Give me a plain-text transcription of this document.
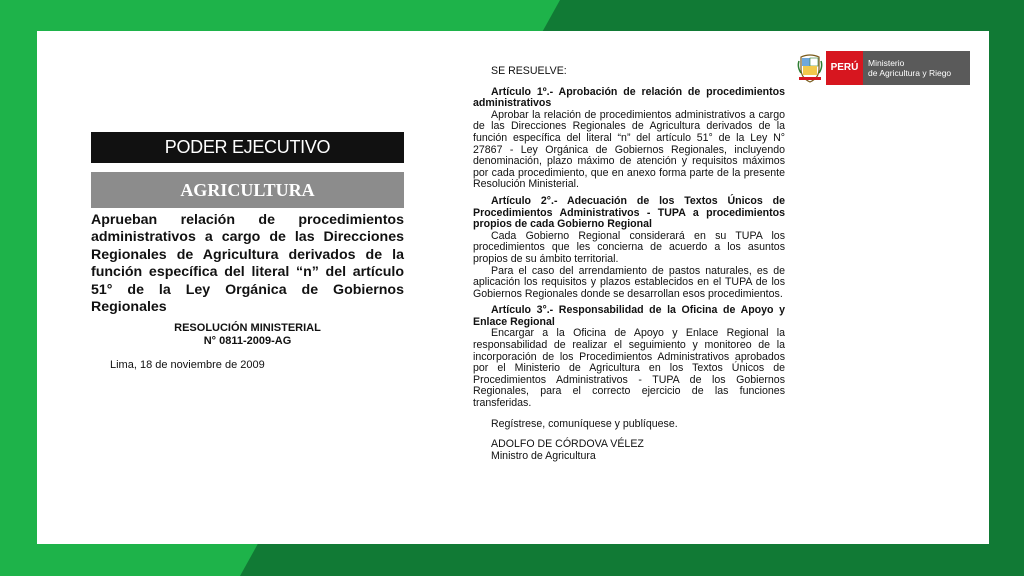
PODER EJECUTIVO
AGRICULTURA
Aprueban relación de procedimientos administrativos a cargo de las Direcciones Regionales de Agricultura derivados de la función específica del literal “n” del artículo 51° de la Ley Orgánica de Gobiernos Regionales
RESOLUCIÓN MINISTERIAL
N° 0811-2009-AG
Lima, 18 de noviembre de 2009

SE RESUELVE:

Artículo 1º.- Aprobación de relación de procedimientos administrativos

Aprobar la relación de procedimientos administrativos a cargo de las Direcciones Regionales de Agricultura derivados de la función específica del literal “n” del artículo 51° de la Ley N° 27867 - Ley Orgánica de Gobiernos Regionales, incluyendo denominación, plazo máximo de atención y requisitos máximos por cada procedimiento, que en anexo forma parte de la presente Resolución Ministerial.

Artículo 2°.- Adecuación de los Textos Únicos de Procedimientos Administrativos - TUPA a procedimientos propios de cada Gobierno Regional

Cada Gobierno Regional considerará en su TUPA los procedimientos que les concierna de acuerdo a los asuntos propios de su ámbito territorial.

Para el caso del arrendamiento de pastos naturales, es de aplicación los requisitos y plazos establecidos en el TUPA de los Gobiernos Regionales donde se desarrollan esos procedimientos.

Artículo 3°.- Responsabilidad de la Oficina de Apoyo y Enlace Regional

Encargar a la Oficina de Apoyo y Enlace Regional la responsabilidad de realizar el seguimiento y monitoreo de la incorporación de los Procedimientos Administrativos aprobados por el Ministerio de Agricultura en los Textos Únicos de Procedimientos Administrativos - TUPA de los Gobiernos Regionales, para el correcto ejercicio de las funciones transferidas.

Regístrese, comuníquese y publíquese.

ADOLFO DE CÓRDOVA VÉLEZ

Ministro de Agricultura

PERÚ	Ministerio
de Agricultura y Riego
